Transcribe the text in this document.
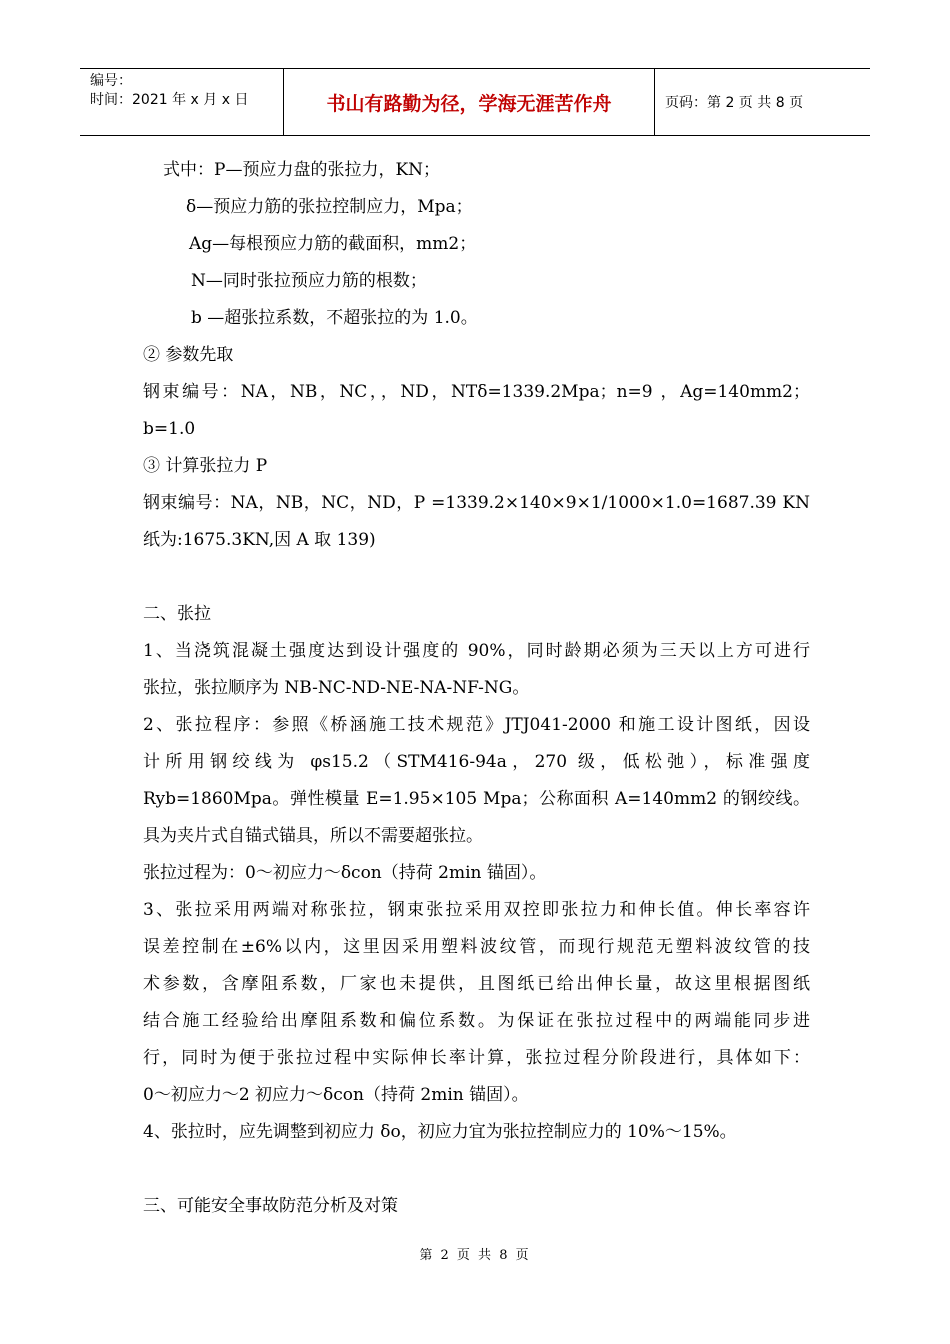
编号：
时间：2021 年 x 月 x 日	书山有路勤为径，学海无涯苦作舟	页码：第 2 页 共 8 页
式中：P—预应力盘的张拉力，KN；
δ—预应力筋的张拉控制应力，Mpa；
Ag—每根预应力筋的截面积，mm2；
N—同时张拉预应力筋的根数；
b —超张拉系数，不超张拉的为 1.0。
② 参数先取
钢束编号：NA，NB，NC，，ND，NTδ=1339.2Mpa；n=9 ，Ag=140mm2；
b=1.0
③ 计算张拉力 P
钢束编号：NA，NB，NC，ND，P =1339.2×140×9×1/1000×1.0=1687.39 KN
纸为:1675.3KN,因 A 取 139)
二、张拉
1、当浇筑混凝土强度达到设计强度的 90%，同时龄期必须为三天以上方可进行
张拉，张拉顺序为 NB-NC-ND-NE-NA-NF-NG。
2、张拉程序：参照《桥涵施工技术规范》JTJ041-2000 和施工设计图纸，因设
计所用钢绞线为 φs15.2（STM416-94a，270 级，低松弛），标准强度
Ryb=1860Mpa。弹性模量 E=1.95×105 Mpa；公称面积 A=140mm2 的钢绞线。
具为夹片式自锚式锚具，所以不需要超张拉。
张拉过程为：0～初应力～δcon（持荷 2min 锚固）。
3、张拉采用两端对称张拉，钢束张拉采用双控即张拉力和伸长值。伸长率容许
误差控制在±6%以内，这里因采用塑料波纹管，而现行规范无塑料波纹管的技
术参数，含摩阻系数，厂家也未提供，且图纸已给出伸长量，故这里根据图纸
结合施工经验给出摩阻系数和偏位系数。为保证在张拉过程中的两端能同步进
行，同时为便于张拉过程中实际伸长率计算，张拉过程分阶段进行，具体如下：
0～初应力～2 初应力～δcon（持荷 2min 锚固）。
4、张拉时，应先调整到初应力 δo，初应力宜为张拉控制应力的 10%～15%。
三、可能安全事故防范分析及对策
第 2 页 共 8 页
